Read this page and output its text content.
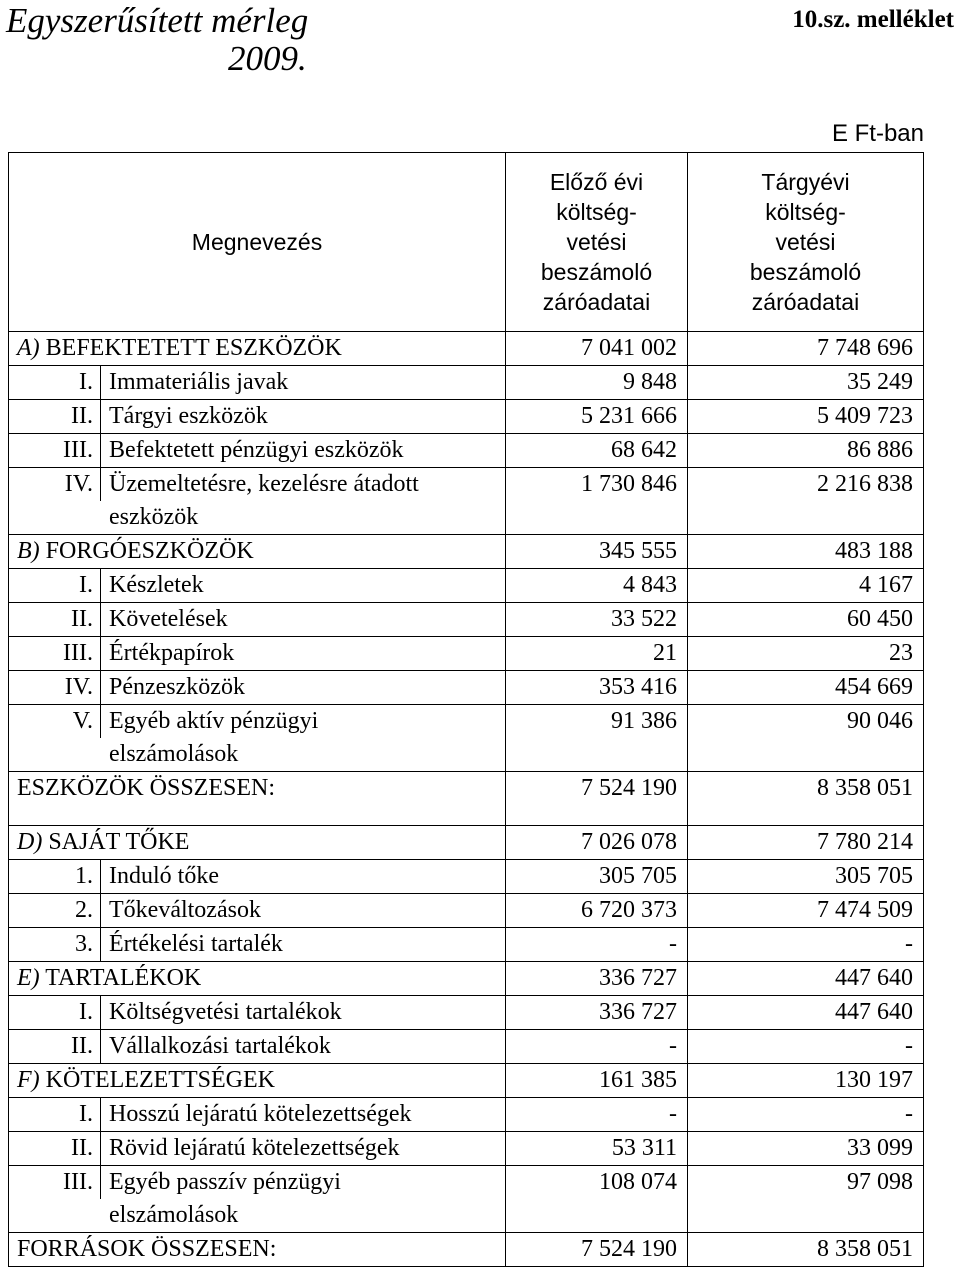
Egyszerűsített mérleg
2009.
10.sz. melléklet
E Ft-ban
Megnevezés		Előző évi
költség-
vetési
beszámoló
záróadatai	Tárgyévi
költség-
vetési
beszámoló
záróadatai
A) BEFEKTETETT ESZKÖZÖK		7 041 002	7 748 696
I.	Immateriális javak	9 848	35 249
II.	Tárgyi eszközök	5 231 666	5 409 723
III.	Befektetett pénzügyi eszközök	68 642	86 886
IV.	Üzemeltetésre, kezelésre átadott	1 730 846	2 216 838
eszközök			
B) FORGÓESZKÖZÖK		345 555	483 188
I.	Készletek	4 843	4 167
II.	Követelések	33 522	60 450
III.	Értékpapírok	21	23
IV.	Pénzeszközök	353 416	454 669
V.	Egyéb aktív pénzügyi	91 386	90 046
elszámolások			
ESZKÖZÖK ÖSSZESEN:		7 524 190	8 358 051

D) SAJÁT TŐKE		7 026 078	7 780 214
1.	Induló tőke	305 705	305 705
2.	Tőkeváltozások	6 720 373	7 474 509
3.	Értékelési tartalék	-	-
E) TARTALÉKOK		336 727	447 640
I.	Költségvetési tartalékok	336 727	447 640
II.	Vállalkozási tartalékok	-	-
F) KÖTELEZETTSÉGEK		161 385	130 197
I.	Hosszú lejáratú kötelezettségek	-	-
II.	Rövid lejáratú kötelezettségek	53 311	33 099
III.	Egyéb passzív pénzügyi	108 074	97 098
elszámolások			
FORRÁSOK ÖSSZESEN:		7 524 190	8 358 051
